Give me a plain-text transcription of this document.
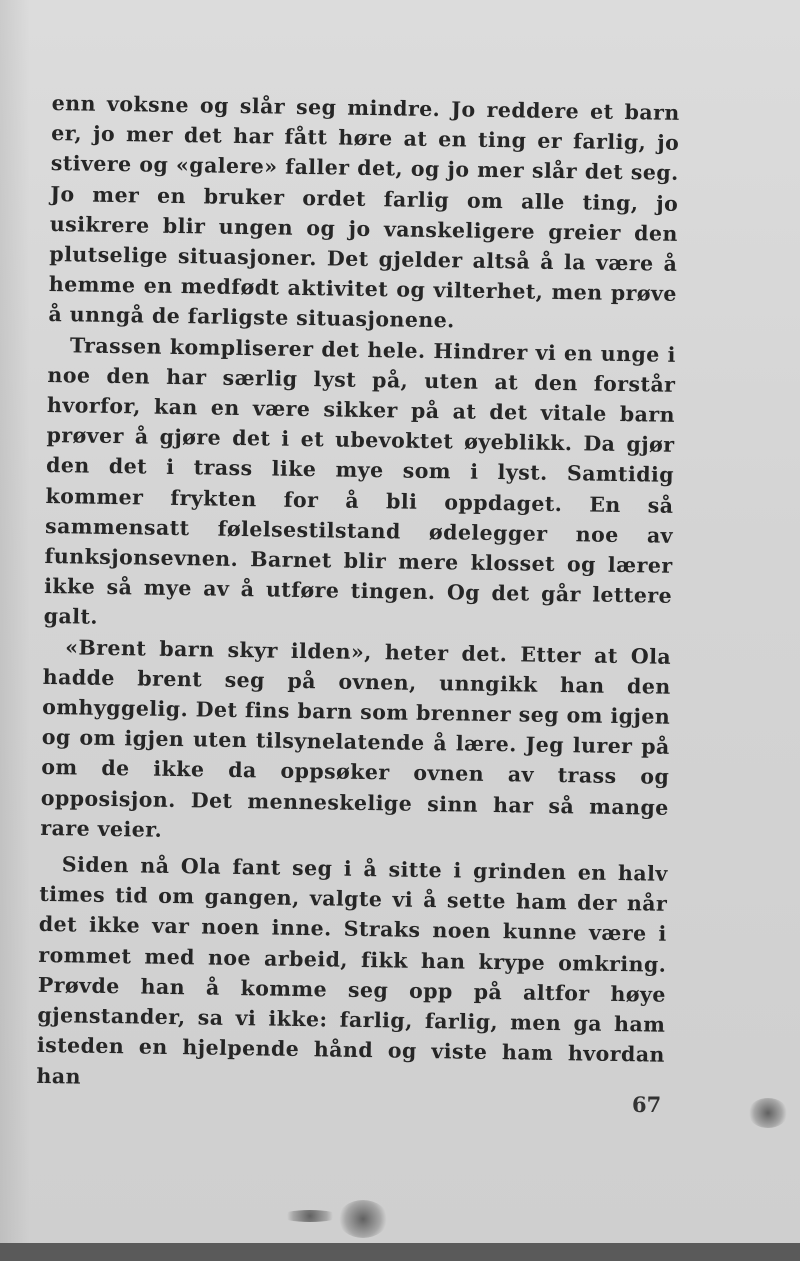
enn voksne og slår seg mindre. Jo reddere et barn er, jo mer det har fått høre at en ting er farlig, jo stivere og «galere» faller det, og jo mer slår det seg. Jo mer en bruker ordet farlig om alle ting, jo usikrere blir ungen og jo vanskeligere greier den plutselige situasjoner. Det gjelder altså å la være å hemme en medfødt aktivitet og vilterhet, men prøve å unngå de farligste situasjonene.

Trassen kompliserer det hele. Hindrer vi en unge i noe den har særlig lyst på, uten at den forstår hvorfor, kan en være sikker på at det vitale barn prøver å gjøre det i et ubevoktet øyeblikk. Da gjør den det i trass like mye som i lyst. Samtidig kommer frykten for å bli oppdaget. En så sammensatt følelsestilstand ødelegger noe av funksjonsevnen. Barnet blir mere klosset og lærer ikke så mye av å utføre tingen. Og det går lettere galt.

«Brent barn skyr ilden», heter det. Etter at Ola hadde brent seg på ovnen, unngikk han den omhyggelig. Det fins barn som brenner seg om igjen og om igjen uten tilsynelatende å lære. Jeg lurer på om de ikke da oppsøker ovnen av trass og opposisjon. Det menneskelige sinn har så mange rare veier.

Siden nå Ola fant seg i å sitte i grinden en halv times tid om gangen, valgte vi å sette ham der når det ikke var noen inne. Straks noen kunne være i rommet med noe arbeid, fikk han krype omkring. Prøvde han å komme seg opp på altfor høye gjenstander, sa vi ikke: farlig, farlig, men ga ham isteden en hjelpende hånd og viste ham hvordan han

67
